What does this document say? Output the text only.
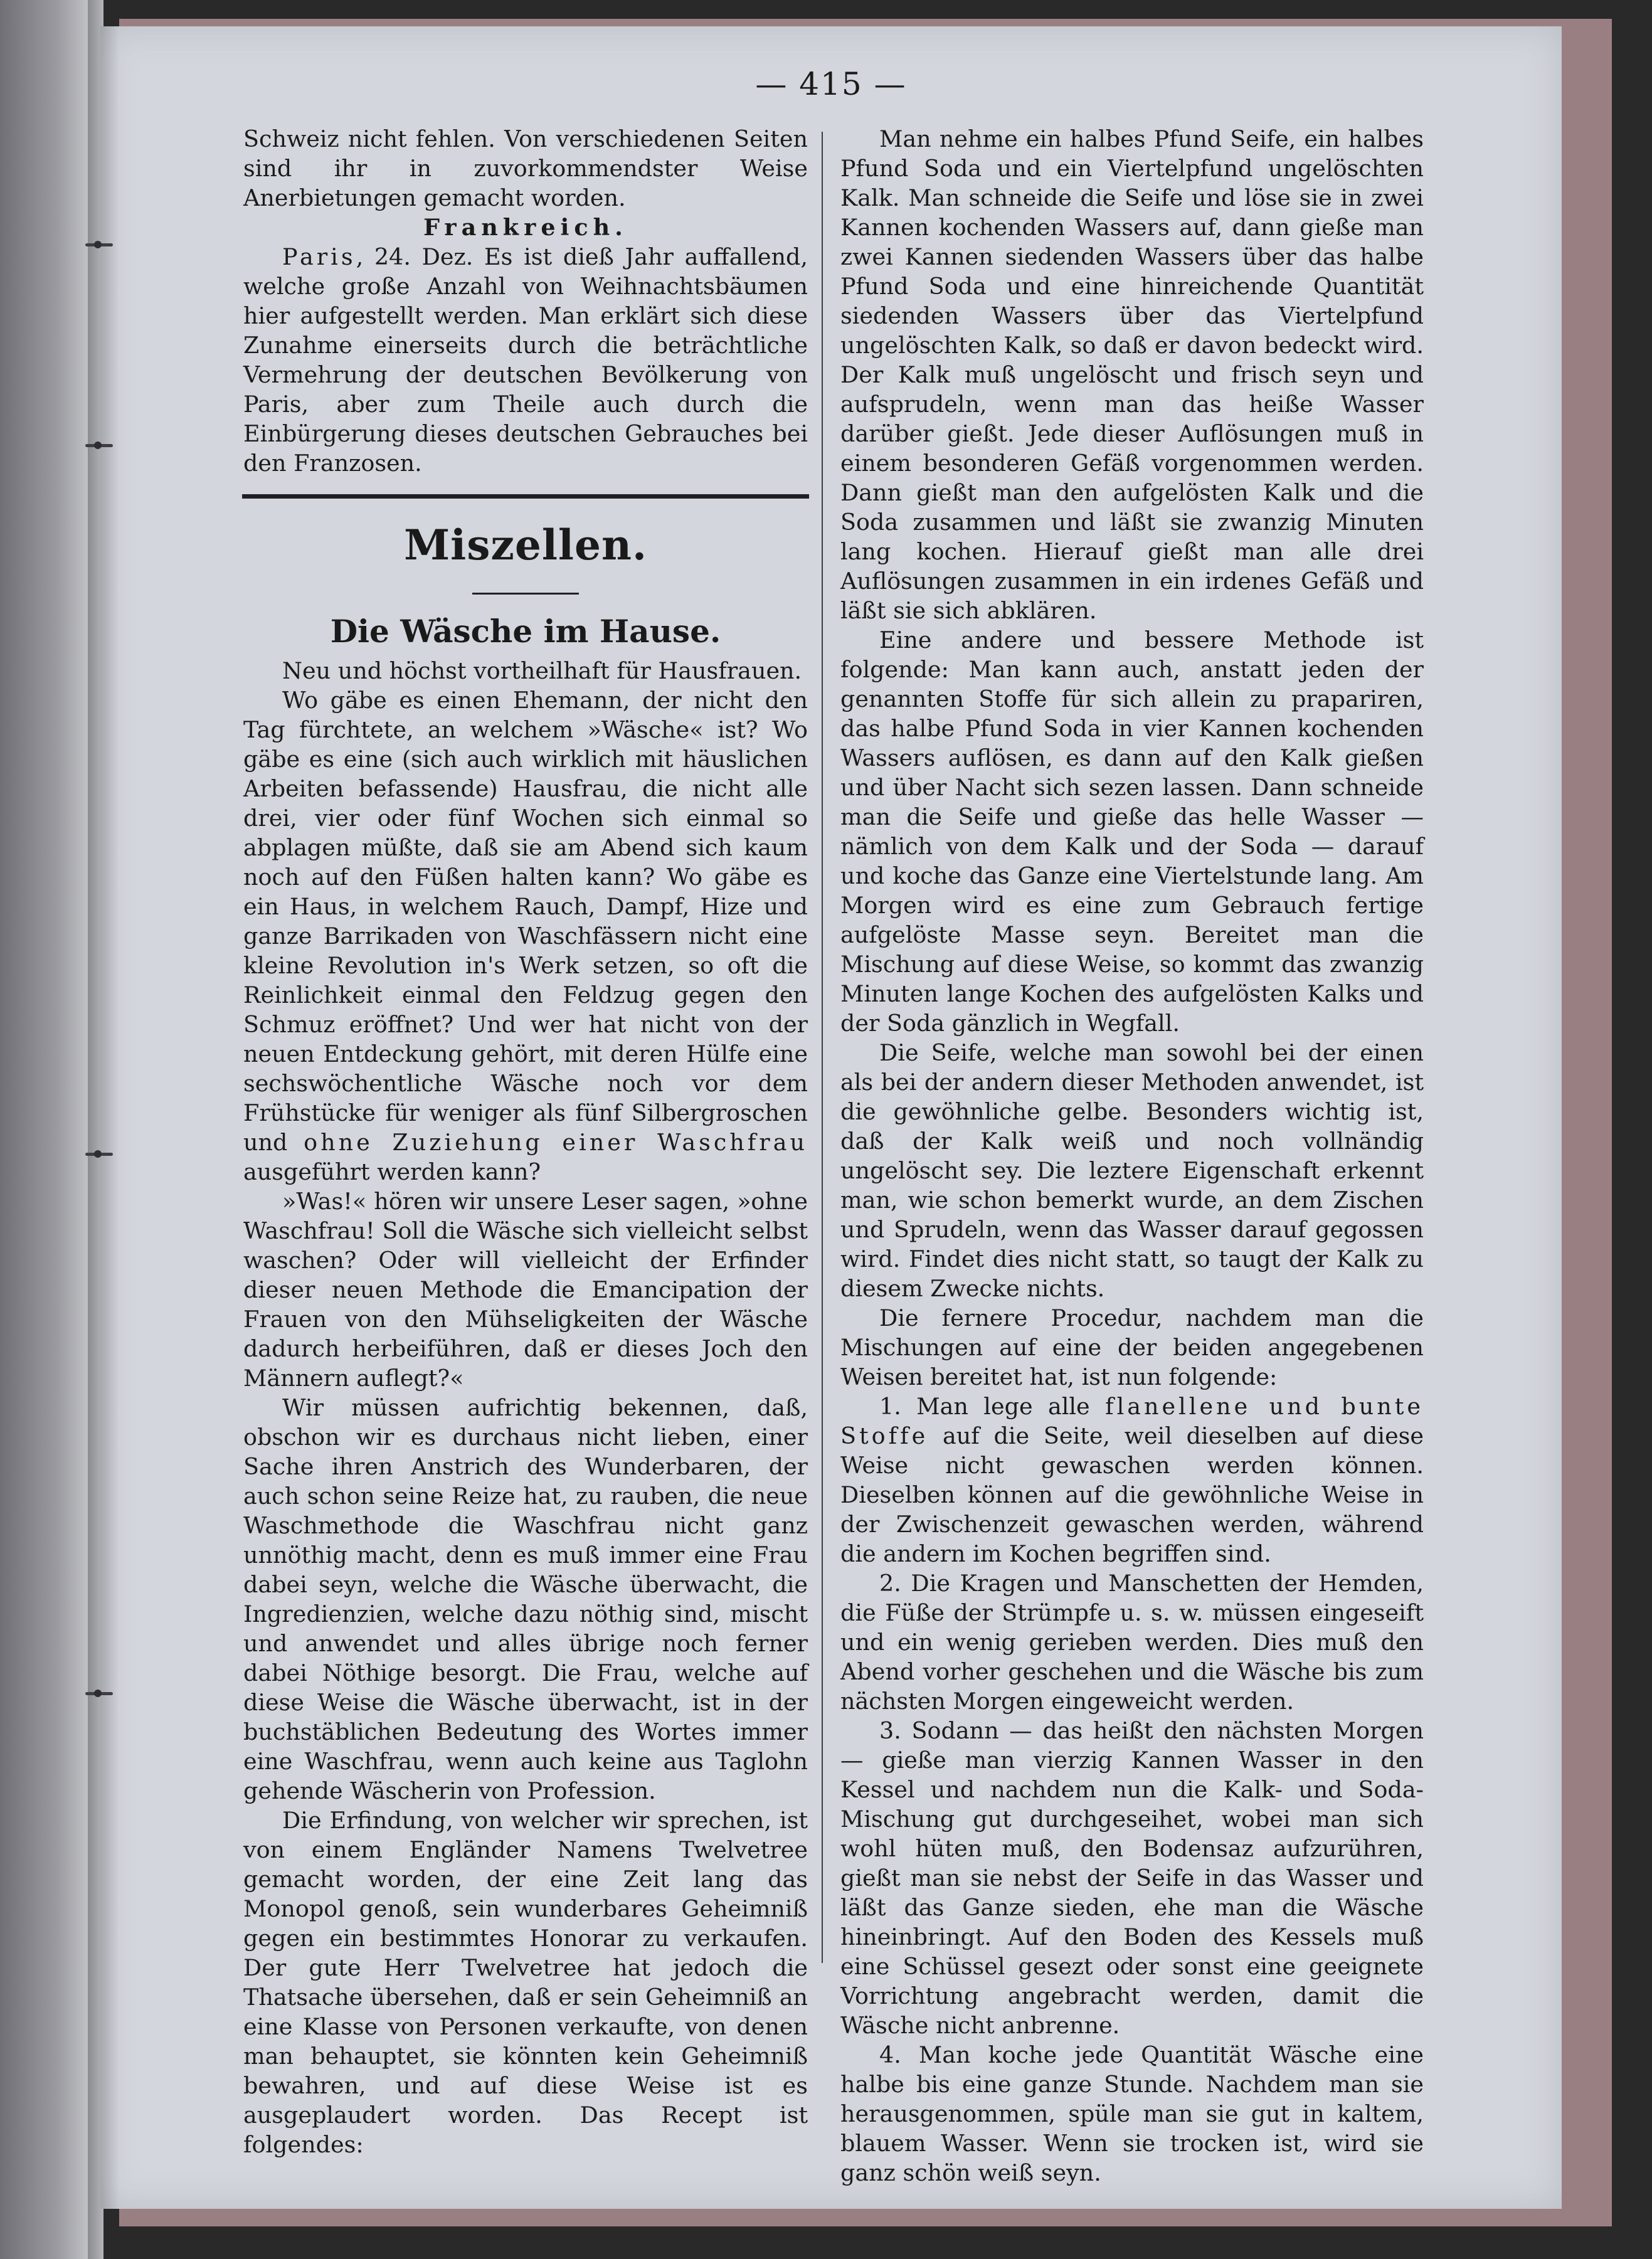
— 415 —

Schweiz nicht fehlen. Von verschiedenen Seiten sind ihr in zuvorkommendster Weise Anerbietungen gemacht worden.

Frankreich.

Paris, 24. Dez. Es ist dieß Jahr auffallend, welche große Anzahl von Weihnachtsbäumen hier aufgestellt werden. Man erklärt sich diese Zunahme einerseits durch die beträchtliche Vermehrung der deutschen Bevölkerung von Paris, aber zum Theile auch durch die Einbürgerung dieses deutschen Gebrauches bei den Franzosen.

Miszellen.

Die Wäsche im Hause.

Neu und höchst vortheilhaft für Hausfrauen.

Wo gäbe es einen Ehemann, der nicht den Tag fürchtete, an welchem »Wäsche« ist? Wo gäbe es eine (sich auch wirklich mit häuslichen Arbeiten befassende) Hausfrau, die nicht alle drei, vier oder fünf Wochen sich einmal so abplagen müßte, daß sie am Abend sich kaum noch auf den Füßen halten kann? Wo gäbe es ein Haus, in welchem Rauch, Dampf, Hize und ganze Barrikaden von Waschfässern nicht eine kleine Revolution in's Werk setzen, so oft die Reinlichkeit einmal den Feldzug gegen den Schmuz eröffnet? Und wer hat nicht von der neuen Entdeckung gehört, mit deren Hülfe eine sechswöchentliche Wäsche noch vor dem Frühstücke für weniger als fünf Silbergroschen und ohne Zuziehung einer Waschfrau ausgeführt werden kann?

»Was!« hören wir unsere Leser sagen, »ohne Waschfrau! Soll die Wäsche sich vielleicht selbst waschen? Oder will vielleicht der Erfinder dieser neuen Methode die Emancipation der Frauen von den Mühseligkeiten der Wäsche dadurch herbeiführen, daß er dieses Joch den Männern auflegt?«

Wir müssen aufrichtig bekennen, daß, obschon wir es durchaus nicht lieben, einer Sache ihren Anstrich des Wunderbaren, der auch schon seine Reize hat, zu rauben, die neue Waschmethode die Waschfrau nicht ganz unnöthig macht, denn es muß immer eine Frau dabei seyn, welche die Wäsche überwacht, die Ingredienzien, welche dazu nöthig sind, mischt und anwendet und alles übrige noch ferner dabei Nöthige besorgt. Die Frau, welche auf diese Weise die Wäsche überwacht, ist in der buchstäblichen Bedeutung des Wortes immer eine Waschfrau, wenn auch keine aus Taglohn gehende Wäscherin von Profession.

Die Erfindung, von welcher wir sprechen, ist von einem Engländer Namens Twelvetree gemacht worden, der eine Zeit lang das Monopol genoß, sein wunderbares Geheimniß gegen ein bestimmtes Honorar zu verkaufen. Der gute Herr Twelvetree hat jedoch die Thatsache übersehen, daß er sein Geheimniß an eine Klasse von Personen verkaufte, von denen man behauptet, sie könnten kein Geheimniß bewahren, und auf diese Weise ist es ausgeplaudert worden. Das Recept ist folgendes:

Man nehme ein halbes Pfund Seife, ein halbes Pfund Soda und ein Viertelpfund ungelöschten Kalk. Man schneide die Seife und löse sie in zwei Kannen kochenden Wassers auf, dann gieße man zwei Kannen siedenden Wassers über das halbe Pfund Soda und eine hinreichende Quantität siedenden Wassers über das Viertelpfund ungelöschten Kalk, so daß er davon bedeckt wird. Der Kalk muß ungelöscht und frisch seyn und aufsprudeln, wenn man das heiße Wasser darüber gießt. Jede dieser Auflösungen muß in einem besonderen Gefäß vorgenommen werden. Dann gießt man den aufgelösten Kalk und die Soda zusammen und läßt sie zwanzig Minuten lang kochen. Hierauf gießt man alle drei Auflösungen zusammen in ein irdenes Gefäß und läßt sie sich abklären.

Eine andere und bessere Methode ist folgende: Man kann auch, anstatt jeden der genannten Stoffe für sich allein zu prapariren, das halbe Pfund Soda in vier Kannen kochenden Wassers auflösen, es dann auf den Kalk gießen und über Nacht sich sezen lassen. Dann schneide man die Seife und gieße das helle Wasser — nämlich von dem Kalk und der Soda — darauf und koche das Ganze eine Viertelstunde lang. Am Morgen wird es eine zum Gebrauch fertige aufgelöste Masse seyn. Bereitet man die Mischung auf diese Weise, so kommt das zwanzig Minuten lange Kochen des aufgelösten Kalks und der Soda gänzlich in Wegfall.

Die Seife, welche man sowohl bei der einen als bei der andern dieser Methoden anwendet, ist die gewöhnliche gelbe. Besonders wichtig ist, daß der Kalk weiß und noch vollnändig ungelöscht sey. Die leztere Eigenschaft erkennt man, wie schon bemerkt wurde, an dem Zischen und Sprudeln, wenn das Wasser darauf gegossen wird. Findet dies nicht statt, so taugt der Kalk zu diesem Zwecke nichts.

Die fernere Procedur, nachdem man die Mischungen auf eine der beiden angegebenen Weisen bereitet hat, ist nun folgende:

1. Man lege alle flanellene und bunte Stoffe auf die Seite, weil dieselben auf diese Weise nicht gewaschen werden können. Dieselben können auf die gewöhnliche Weise in der Zwischenzeit gewaschen werden, während die andern im Kochen begriffen sind.

2. Die Kragen und Manschetten der Hemden, die Füße der Strümpfe u. s. w. müssen eingeseift und ein wenig gerieben werden. Dies muß den Abend vorher geschehen und die Wäsche bis zum nächsten Morgen eingeweicht werden.

3. Sodann — das heißt den nächsten Morgen — gieße man vierzig Kannen Wasser in den Kessel und nachdem nun die Kalk- und Soda-Mischung gut durchgeseihet, wobei man sich wohl hüten muß, den Bodensaz aufzurühren, gießt man sie nebst der Seife in das Wasser und läßt das Ganze sieden, ehe man die Wäsche hineinbringt. Auf den Boden des Kessels muß eine Schüssel gesezt oder sonst eine geeignete Vorrichtung angebracht werden, damit die Wäsche nicht anbrenne.

4. Man koche jede Quantität Wäsche eine halbe bis eine ganze Stunde. Nachdem man sie herausgenommen, spüle man sie gut in kaltem, blauem Wasser. Wenn sie trocken ist, wird sie ganz schön weiß seyn.
